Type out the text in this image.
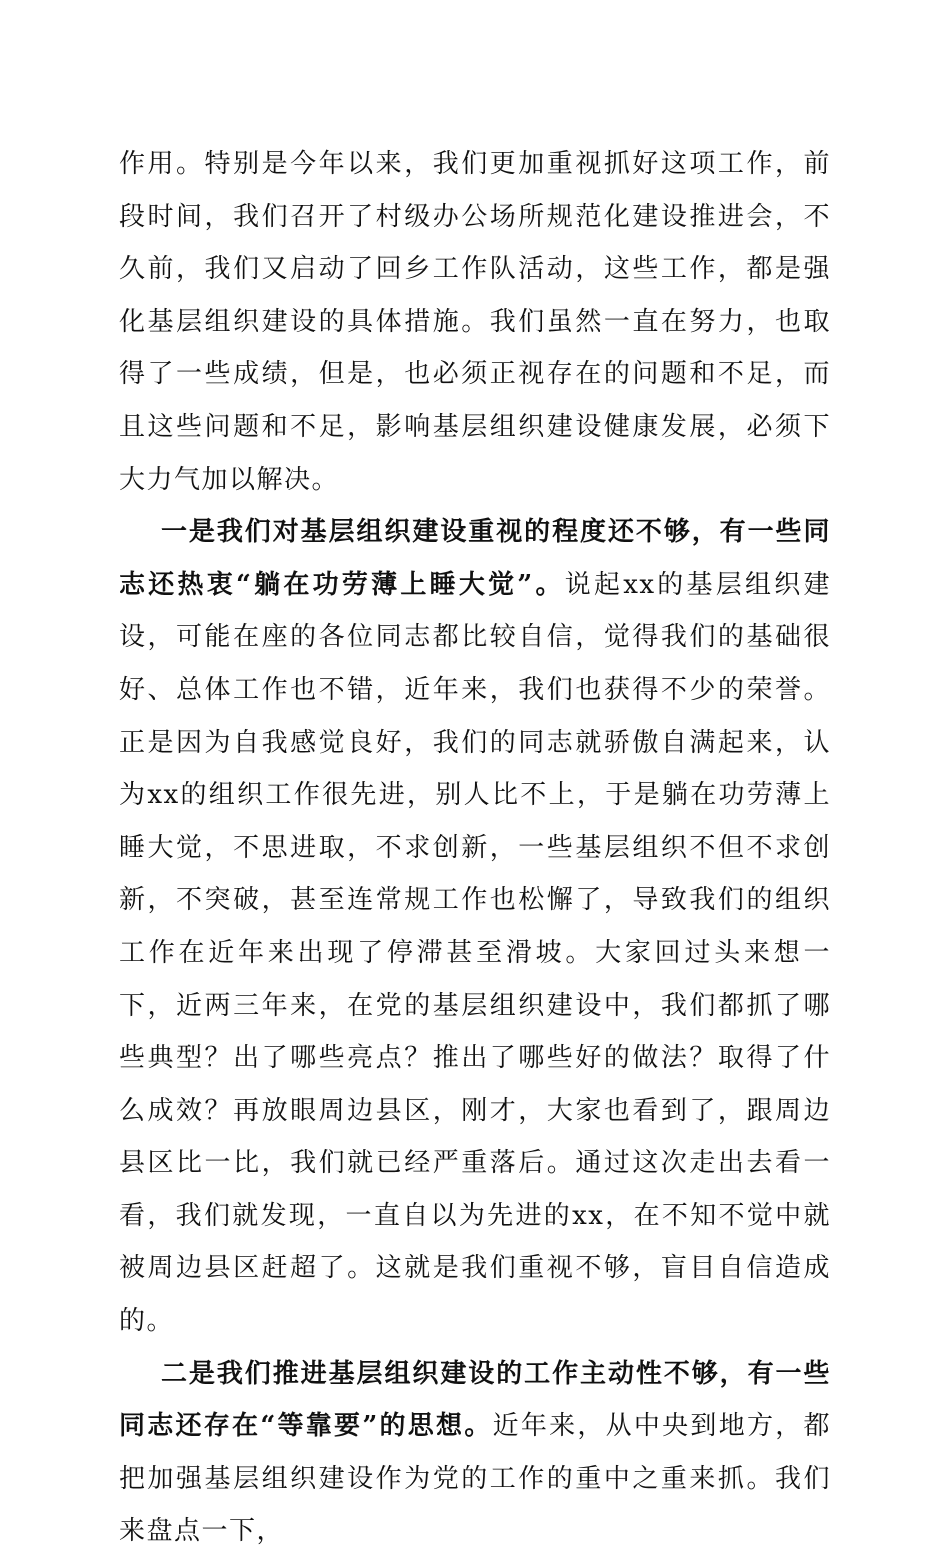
作用。特别是今年以来，我们更加重视抓好这项工作，前段时间，我们召开了村级办公场所规范化建设推进会，不久前，我们又启动了回乡工作队活动，这些工作，都是强化基层组织建设的具体措施。我们虽然一直在努力，也取得了一些成绩，但是，也必须正视存在的问题和不足，而且这些问题和不足，影响基层组织建设健康发展，必须下大力气加以解决。

一是我们对基层组织建设重视的程度还不够，有一些同志还热衷“躺在功劳薄上睡大觉”。说起xx的基层组织建设，可能在座的各位同志都比较自信，觉得我们的基础很好、总体工作也不错，近年来，我们也获得不少的荣誉。正是因为自我感觉良好，我们的同志就骄傲自满起来，认为xx的组织工作很先进，别人比不上，于是躺在功劳薄上睡大觉，不思进取，不求创新，一些基层组织不但不求创新，不突破，甚至连常规工作也松懈了，导致我们的组织工作在近年来出现了停滞甚至滑坡。大家回过头来想一下，近两三年来，在党的基层组织建设中，我们都抓了哪些典型？出了哪些亮点？推出了哪些好的做法？取得了什么成效？再放眼周边县区，刚才，大家也看到了，跟周边县区比一比，我们就已经严重落后。通过这次走出去看一看，我们就发现，一直自以为先进的xx，在不知不觉中就被周边县区赶超了。这就是我们重视不够，盲目自信造成的。

二是我们推进基层组织建设的工作主动性不够，有一些同志还存在“等靠要”的思想。近年来，从中央到地方，都把加强基层组织建设作为党的工作的重中之重来抓。我们来盘点一下，
